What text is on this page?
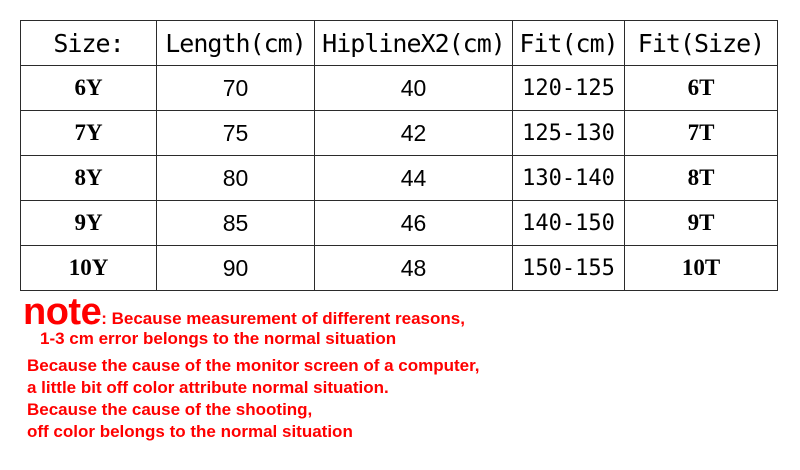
Size:	Length(cm)	HiplineX2(cm)	Fit(cm)	Fit(Size)
6Y	70	40	120-125	6T
7Y	75	42	125-130	7T
8Y	80	44	130-140	8T
9Y	85	46	140-150	9T
10Y	90	48	150-155	10T
note: Because measurement of different reasons,
1-3 cm error belongs to the normal situation
Because the cause of the monitor screen of a computer,
a little bit off color attribute normal situation.
Because the cause of the shooting,
off color belongs to the normal situation
